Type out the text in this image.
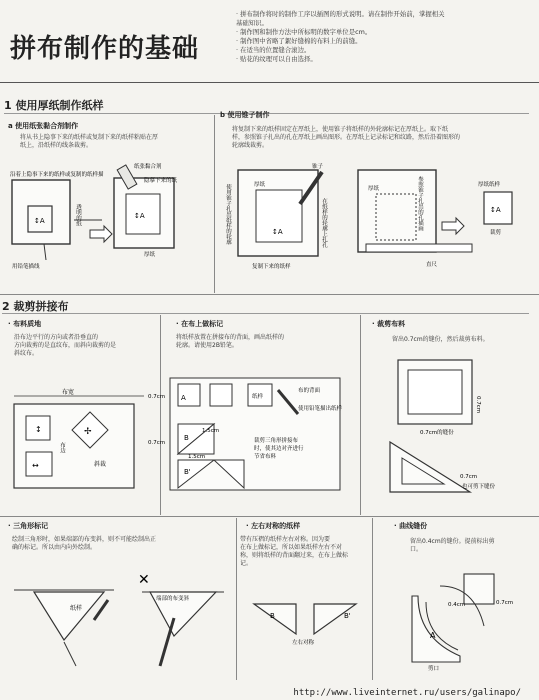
拼布制作的基础
· 拼布制作将时的制作工序以插图的形式说明。请在制作开始前，掌握相关
基础知识。
· 制作图和制作方法中所标明的数字单位是cm。
· 制作图中省略了絮好缝棉的布料上的前缝。
· 在适当的位置缝合滚边。
· 贴花的纹理可以自由选择。
1 使用厚纸制作纸样
a 使用纸张黏合剂制作
将从书上隐事下来的纸样或复制下来的纸样粘贴在厚
纸上，沿纸样的线条裁剪。
↕A
↕A
用铅笔描线
沿着上隐事下来的纸样或复制的纸样描
透明的纸
纸张黏合剂
隐摹下来的纸
厚纸
b 使用锥子制作
将复制下来的纸样固定在厚纸上，使用锥子将纸样的外轮廓标记在厚纸上。取下纸
样，参照锥子扎出的孔在厚纸上画出图形。在厚纸上记录标记和纹路，然后沿着图形的
轮廓线裁剪。
↕A
锥子
厚纸
使用锥子扎出纸样的轮廓	在纸样的轮廓上扎孔
复制下来的纸样
厚纸	参照锥子扎出的孔描画
直尺
↕A
厚纸纸样
裁剪
2 裁剪拼接布
· 布料质地
沿布边平行的方向或者沿垂直的
方向裁剪的是直纹布，而斜向裁剪的是
斜纹布。
布宽
↕
↔
✢
布边
斜裁
· 在布上做标记
将纸样放置在拼接布的背面，画出纸样的
轮廓。请使用2B铅笔。
A	纸样
0.7cm
布的背面
使用铅笔描出纸样
B
B'
1.5cm
0.7cm
1.5cm
裁剪三角形拼接布
时，使其边对齐进行
节省布料
· 裁剪布料
留出0.7cm的缝份，然后裁剪布料。
0.7cm
0.7cm的缝份
0.7cm
也可剪下缝份
· 三角形标记
绘制三角形时，如果端部的布变斜，则不可能绘制出正
确的标记。所以由内向外绘制。
纸样
✕
端部的布变斜
· 左右对称的纸样
带有压褶的纸样左右对称。因为要
在布上做标记，所以如果纸样左右不对
称，则将纸样的背面翻过来，在布上做标
记。
B	B'
左右对称
· 曲线缝份
留出0.4cm的缝份。提前标出剪
口。
0.7cm
A
0.4cm
剪口
http://www.liveinternet.ru/users/galinapo/
